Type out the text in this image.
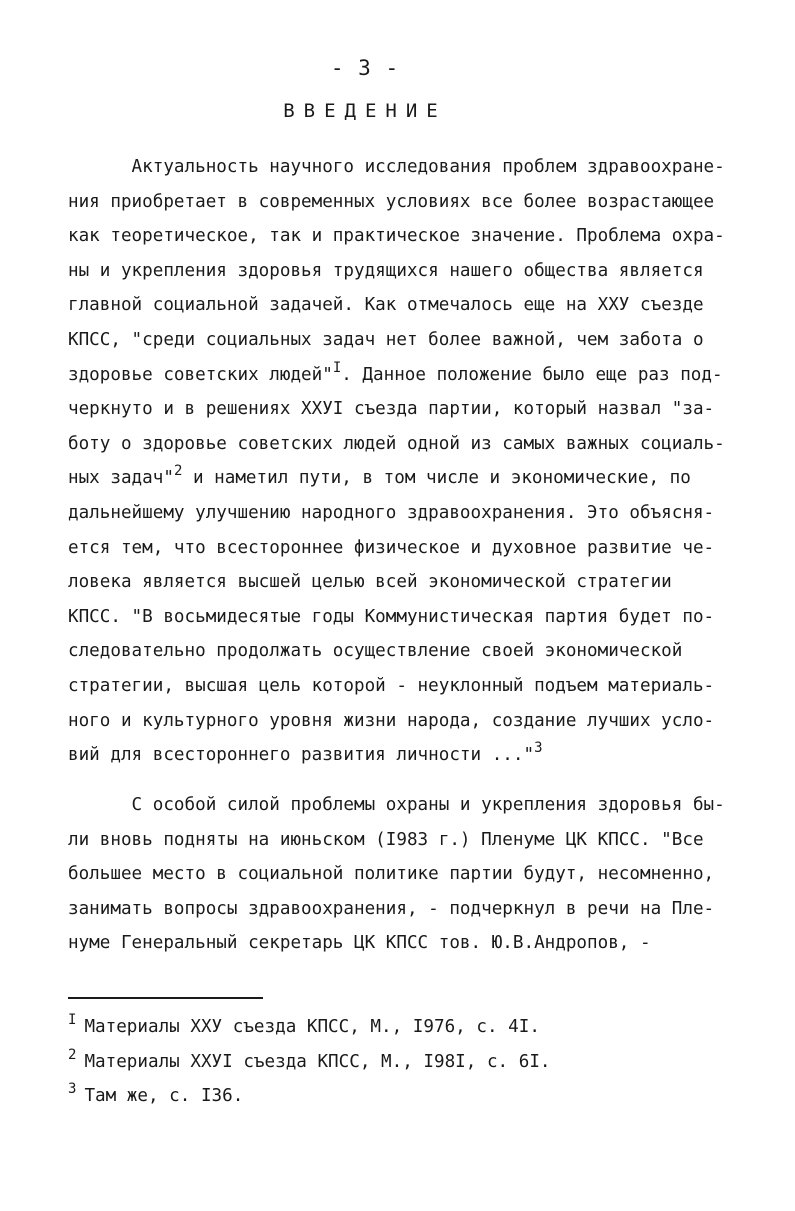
- 3 -
ВВЕДЕНИЕ
Актуальность научного исследования проблем здравоохране-
ния приобретает в современных условиях все более возрастающее
как теоретическое, так и практическое значение. Проблема охра-
ны и укрепления здоровья трудящихся нашего общества является
главной социальной задачей. Как отмечалось еще на XXУ съезде
КПСС, "среди социальных задач нет более важной, чем забота о
здоровье советских людей"$^I$. Данное положение было еще раз под-
черкнуто и в решениях XXУI съезда партии, который назвал "за-
боту о здоровье советских людей одной из самых важных социаль-
ных задач"$^2$ и наметил пути, в том числе и экономические, по
дальнейшему улучшению народного здравоохранения. Это объясня-
ется тем, что всестороннее физическое и духовное развитие че-
ловека является высшей целью всей экономической стратегии
КПСС. "В восьмидесятые годы Коммунистическая партия будет по-
следовательно продолжать осуществление своей экономической
стратегии, высшая цель которой - неуклонный подъем материаль-
ного и культурного уровня жизни народа, создание лучших усло-
вий для всестороннего развития личности ..."$^3$
С особой силой проблемы охраны и укрепления здоровья бы-
ли вновь подняты на июньском (I983 г.) Пленуме ЦК КПСС. "Все
большее место в социальной политике партии будут, несомненно,
занимать вопросы здравоохранения, - подчеркнул в речи на Пле-
нуме Генеральный секретарь ЦК КПСС тов. Ю.В.Андропов, -
$^I$ Материалы XXУ съезда КПСС, М., I976, с. 4I.
$^2$ Материалы XXУI съезда КПСС, М., I98I, с. 6I.
$^3$ Там же, с. I36.
